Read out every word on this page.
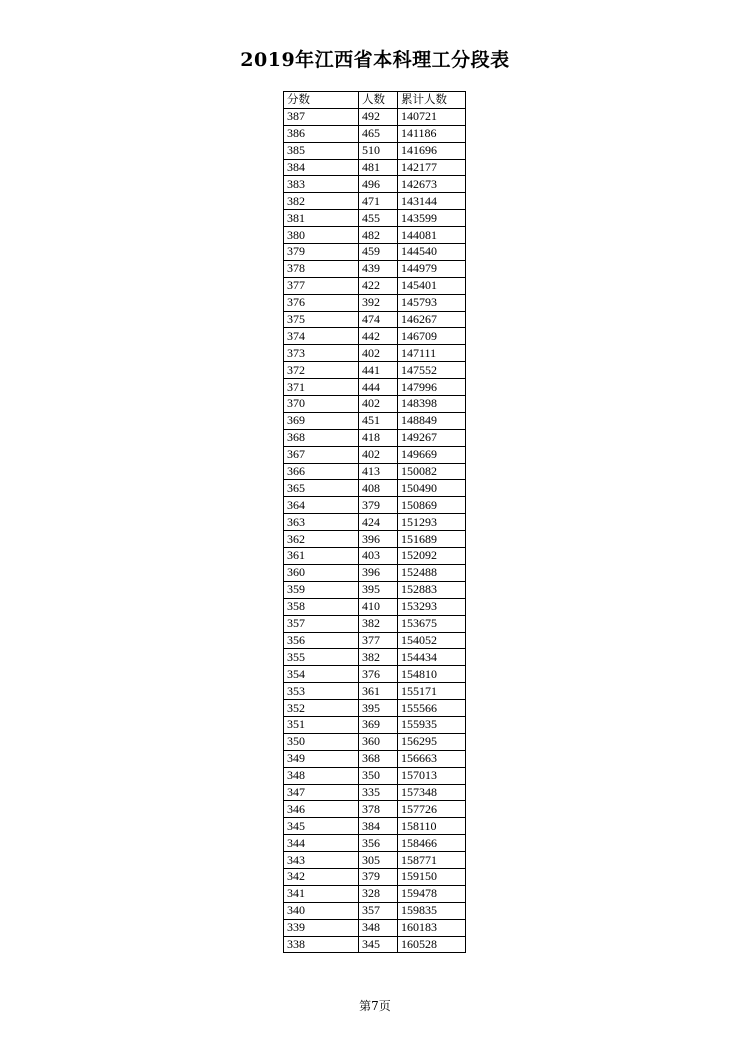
2019年江西省本科理工分段表
分数	人数	累计人数
387	492	140721
386	465	141186
385	510	141696
384	481	142177
383	496	142673
382	471	143144
381	455	143599
380	482	144081
379	459	144540
378	439	144979
377	422	145401
376	392	145793
375	474	146267
374	442	146709
373	402	147111
372	441	147552
371	444	147996
370	402	148398
369	451	148849
368	418	149267
367	402	149669
366	413	150082
365	408	150490
364	379	150869
363	424	151293
362	396	151689
361	403	152092
360	396	152488
359	395	152883
358	410	153293
357	382	153675
356	377	154052
355	382	154434
354	376	154810
353	361	155171
352	395	155566
351	369	155935
350	360	156295
349	368	156663
348	350	157013
347	335	157348
346	378	157726
345	384	158110
344	356	158466
343	305	158771
342	379	159150
341	328	159478
340	357	159835
339	348	160183
338	345	160528
第7页
